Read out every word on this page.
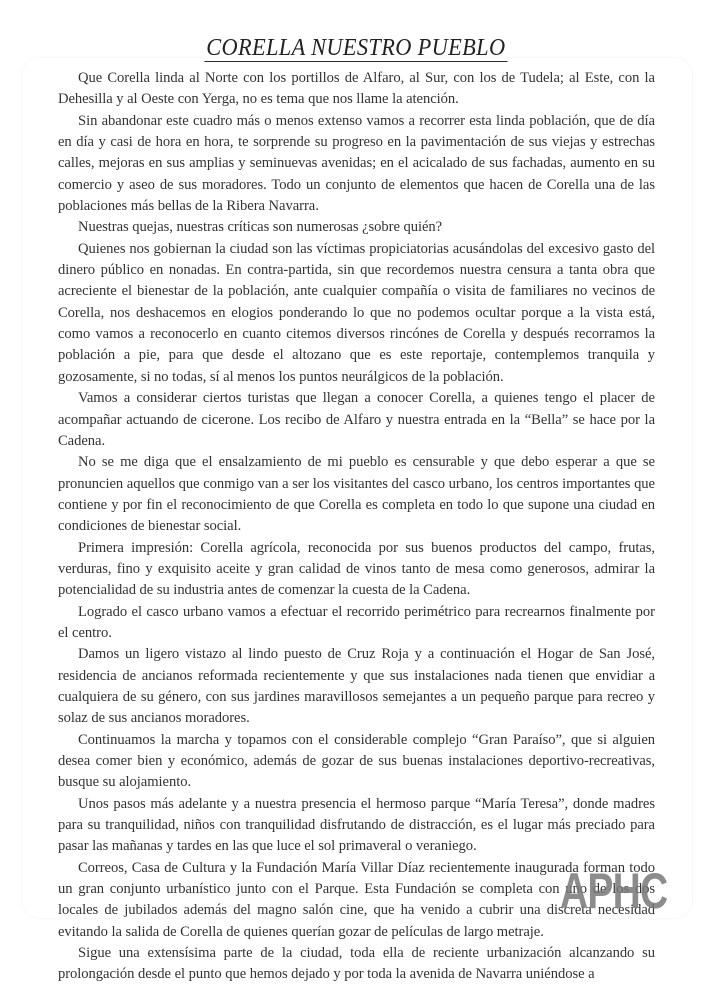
CORELLA NUESTRO PUEBLO

Que Corella linda al Norte con los portillos de Alfaro, al Sur, con los de Tudela; al Este, con la Dehesilla y al Oeste con Yerga, no es tema que nos llame la atención.

Sin abandonar este cuadro más o menos extenso vamos a recorrer esta linda población, que de día en día y casi de hora en hora, te sorprende su progreso en la pavimentación de sus viejas y estrechas calles, mejoras en sus amplias y seminuevas avenidas; en el acicalado de sus fachadas, aumento en su comercio y aseo de sus moradores. Todo un conjunto de elementos que hacen de Corella una de las poblaciones más bellas de la Ribera Navarra.

Nuestras quejas, nuestras críticas son numerosas ¿sobre quién?

Quienes nos gobiernan la ciudad son las víctimas propiciatorias acusándolas del excesivo gasto del dinero público en nonadas. En contra-partida, sin que recordemos nuestra censura a tanta obra que acreciente el bienestar de la población, ante cualquier compañía o visita de familiares no vecinos de Corella, nos deshacemos en elogios ponderando lo que no podemos ocultar porque a la vista está, como vamos a reconocerlo en cuanto citemos diversos rincónes de Corella y después recorramos la población a pie, para que desde el altozano que es este reportaje, contemplemos tranquila y gozosamente, si no todas, sí al menos los puntos neurálgicos de la población.

Vamos a considerar ciertos turistas que llegan a conocer Corella, a quienes tengo el placer de acompañar actuando de cicerone. Los recibo de Alfaro y nuestra entrada en la “Bella” se hace por la Cadena.

No se me diga que el ensalzamiento de mi pueblo es censurable y que debo esperar a que se pronuncien aquellos que conmigo van a ser los visitantes del casco urbano, los centros importantes que contiene y por fin el reconocimiento de que Corella es completa en todo lo que supone una ciudad en condiciones de bienestar social.

Primera impresión: Corella agrícola, reconocida por sus buenos productos del campo, frutas, verduras, fino y exquisito aceite y gran calidad de vinos tanto de mesa como generosos, admirar la potencialidad de su industria antes de comenzar la cuesta de la Cadena.

Logrado el casco urbano vamos a efectuar el recorrido perimétrico para recrearnos finalmente por el centro.

Damos un ligero vistazo al lindo puesto de Cruz Roja y a continuación el Hogar de San José, residencia de ancianos reformada recientemente y que sus instalaciones nada tienen que envidiar a cualquiera de su género, con sus jardines maravillosos semejantes a un pequeño parque para recreo y solaz de sus ancianos moradores.

Continuamos la marcha y topamos con el considerable complejo “Gran Paraíso”, que si alguien desea comer bien y económico, además de gozar de sus buenas instalaciones deportivo-recreativas, busque su alojamiento.

Unos pasos más adelante y a nuestra presencia el hermoso parque “María Teresa”, donde madres para su tranquilidad, niños con tranquilidad disfrutando de distracción, es el lugar más preciado para pasar las mañanas y tardes en las que luce el sol primaveral o veraniego.

Correos, Casa de Cultura y la Fundación María Villar Díaz recientemente inaugurada forman todo un gran conjunto urbanístico junto con el Parque. Esta Fundación se completa con uno de los dos locales de jubilados además del magno salón cine, que ha venido a cubrir una discreta necesidad evitando la salida de Corella de quienes querían gozar de películas de largo metraje.

Sigue una extensísima parte de la ciudad, toda ella de reciente urbanización alcanzando su prolongación desde el punto que hemos dejado y por toda la avenida de Navarra uniéndose a

APHC
